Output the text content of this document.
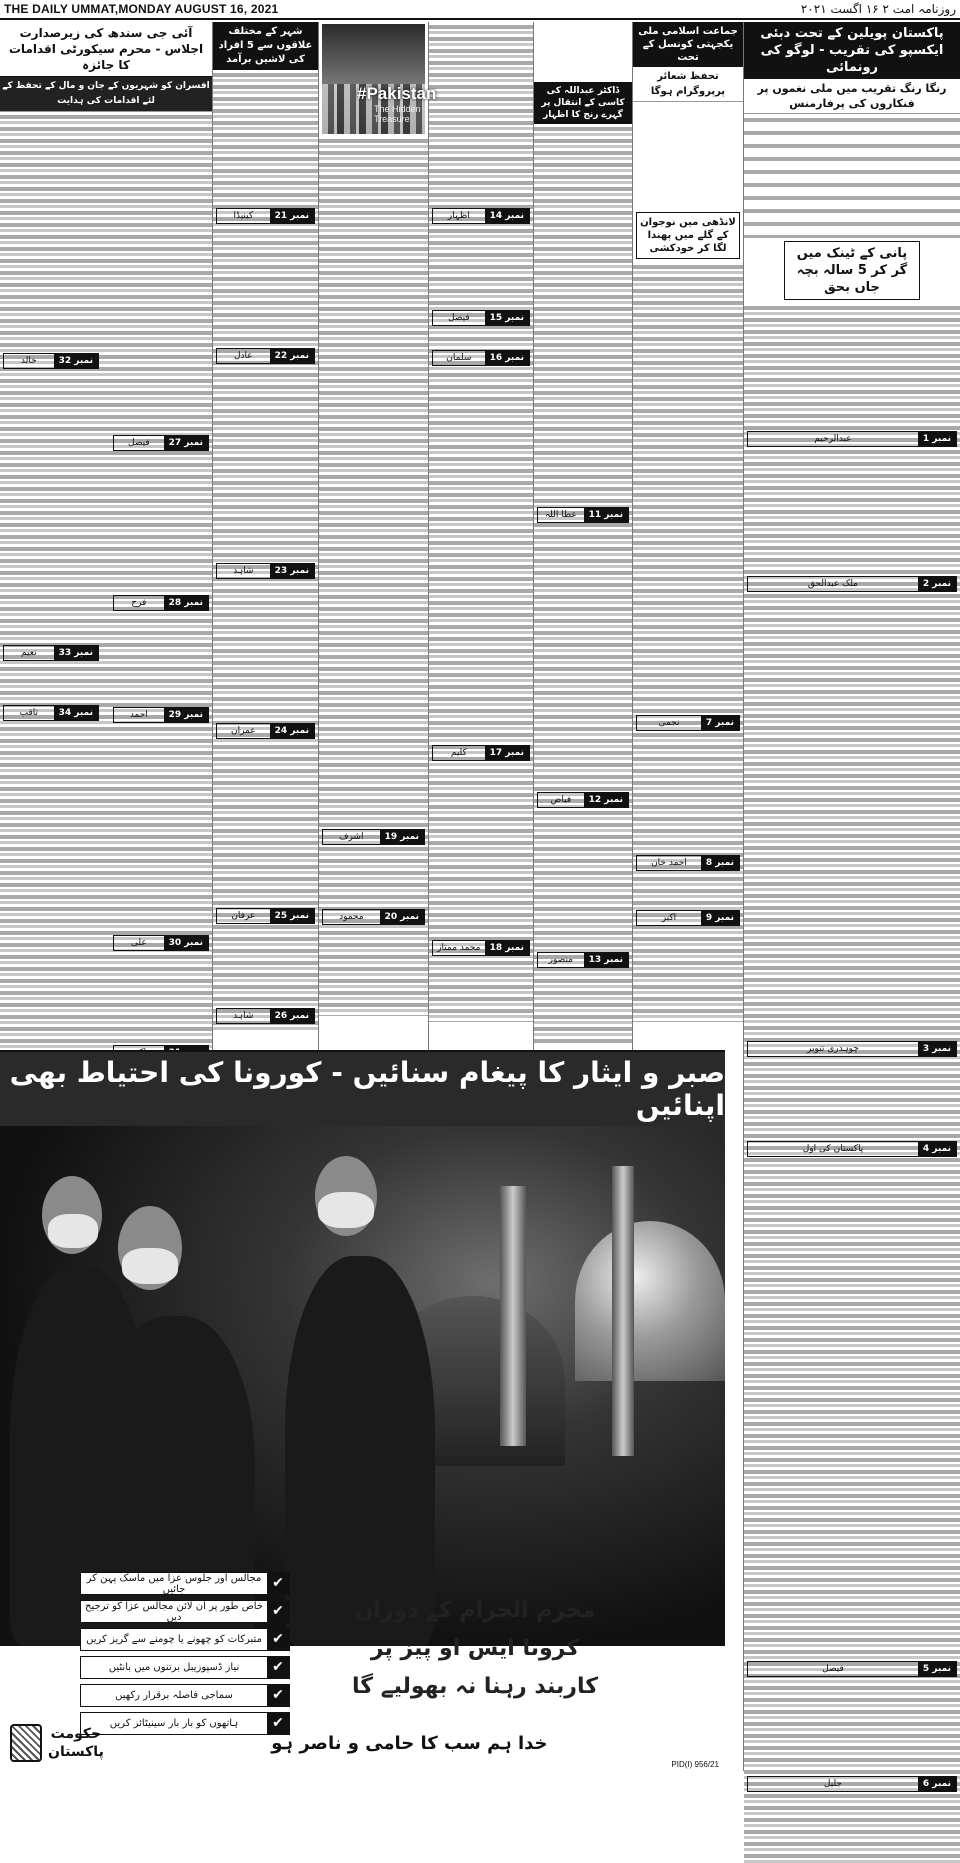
THE DAILY UMMAT,MONDAY AUGUST 16, 2021	روزنامہ امت ۲ ۱۶ اگست ۲۰۲۱
پاکستان پویلین کے تحت دبئی ایکسپو کی تقریب - لوگو کی رونمائی
رنگا رنگ تقریب میں ملی نغموں پر فنکاروں کی پرفارمنس
پانی کے ٹینک میں گر کر 5 سالہ بچہ جاں بحق
نمبر 1
عبدالرحیم
نمبر 2
ملک عبدالحق
نمبر 3
چوہدری تنویر
نمبر 4
پاکستان کی اول
نمبر 5
فیصل
نمبر 6
جلیل
جماعت اسلامی ملی یکجہتی کونسل کے تحت
تحفظ شعائر پرپروگرام ہوگا
لانڈھی میں نوجوان کے گلے میں پھندا لگا کر خودکشی
نمبر 7
نجمی
نمبر 8
احمد خان
نمبر 9
اکبر
ڈاکٹر عبداللہ کی کاسی کے انتقال پر گہرے رنج کا اظہار
نمبر 11
عطا اللہ
نمبر 12
فیاض
نمبر 13
منصور
نمبر 14
اظہار
نمبر 15
فیصل
نمبر 16
سلمان
نمبر 17
کلیم
نمبر 18
محمد ممتاز
#Pakistan
The Hidden Treasure
نمبر 19
اشرف
نمبر 20
محمود
شہر کے مختلف علاقوں سے 5 افراد کی لاشیں برآمد
نمبر 21
کینیڈا
نمبر 22
عادل
نمبر 23
شاہد
نمبر 24
عمران
نمبر 25
عرفان
نمبر 26
شاہد
آئی جی سندھ کی زیرصدارت اجلاس - محرم سیکورٹی اقدامات کا جائزہ
افسران کو شہریوں کے جان و مال کے تحفظ کے لئے اقدامات کی ہدایت
نمبر 27
فیصل
نمبر 28
فرح
نمبر 29
احمد
نمبر 30
علی
نمبر 32
خالد
نمبر 33
نعیم
نمبر 34
ثاقب
صبر و ایثار کا پیغام سنائیں - کورونا کی احتیاط بھی اپنائیں
✔
مجالس اور جلوس عزا میں ماسک پہن کر جائیں
✔
خاص طور پر آن لائن مجالس عزا کو ترجیح دیں
✔
متبرکات کو چھونے یا چومنے سے گریز کریں
✔
نیاز ڈسپوزیبل برتنوں میں بانٹیں
✔
سماجی فاصلہ برقرار رکھیں
✔
ہاتھوں کو بار بار سینیٹائز کریں
محرم الحرام کے دوران
کرونا ایس او پیز پر
کاربند رہنا نہ بھولیے گا
حکومت
پاکستان	خدا ہم سب کا حامی و ناصر ہو
PID(I) 956/21
